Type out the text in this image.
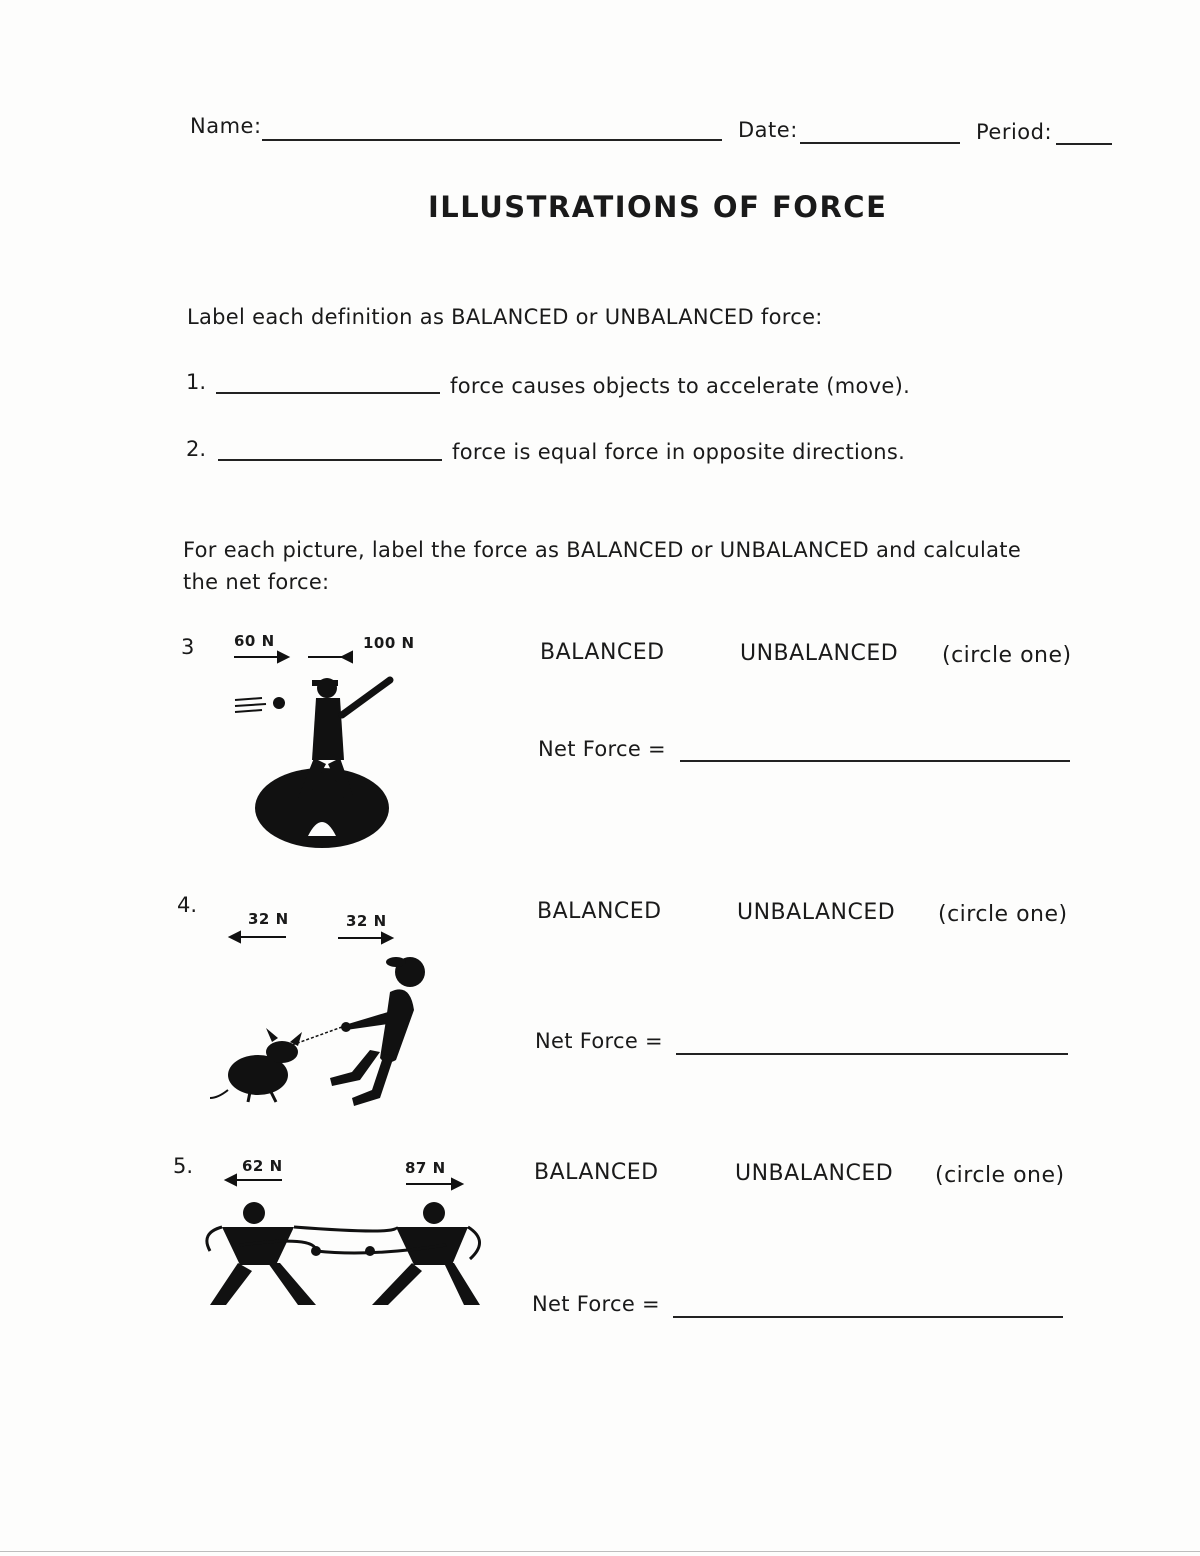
Name:	Date:	Period:
ILLUSTRATIONS OF FORCE
Label each definition as BALANCED or UNBALANCED force:
1.	force causes objects to accelerate (move).
2.	force is equal force in opposite directions.
For each picture, label the force as BALANCED or UNBALANCED and calculate
the net force:
3	60 N	100 N	BALANCED	UNBALANCED (circle one)
Net Force =
4.
32 N	32 N	BALANCED	UNBALANCED (circle one)
Net Force =
5.	62 N	87 N	BALANCED	UNBALANCED (circle one)
Net Force =
